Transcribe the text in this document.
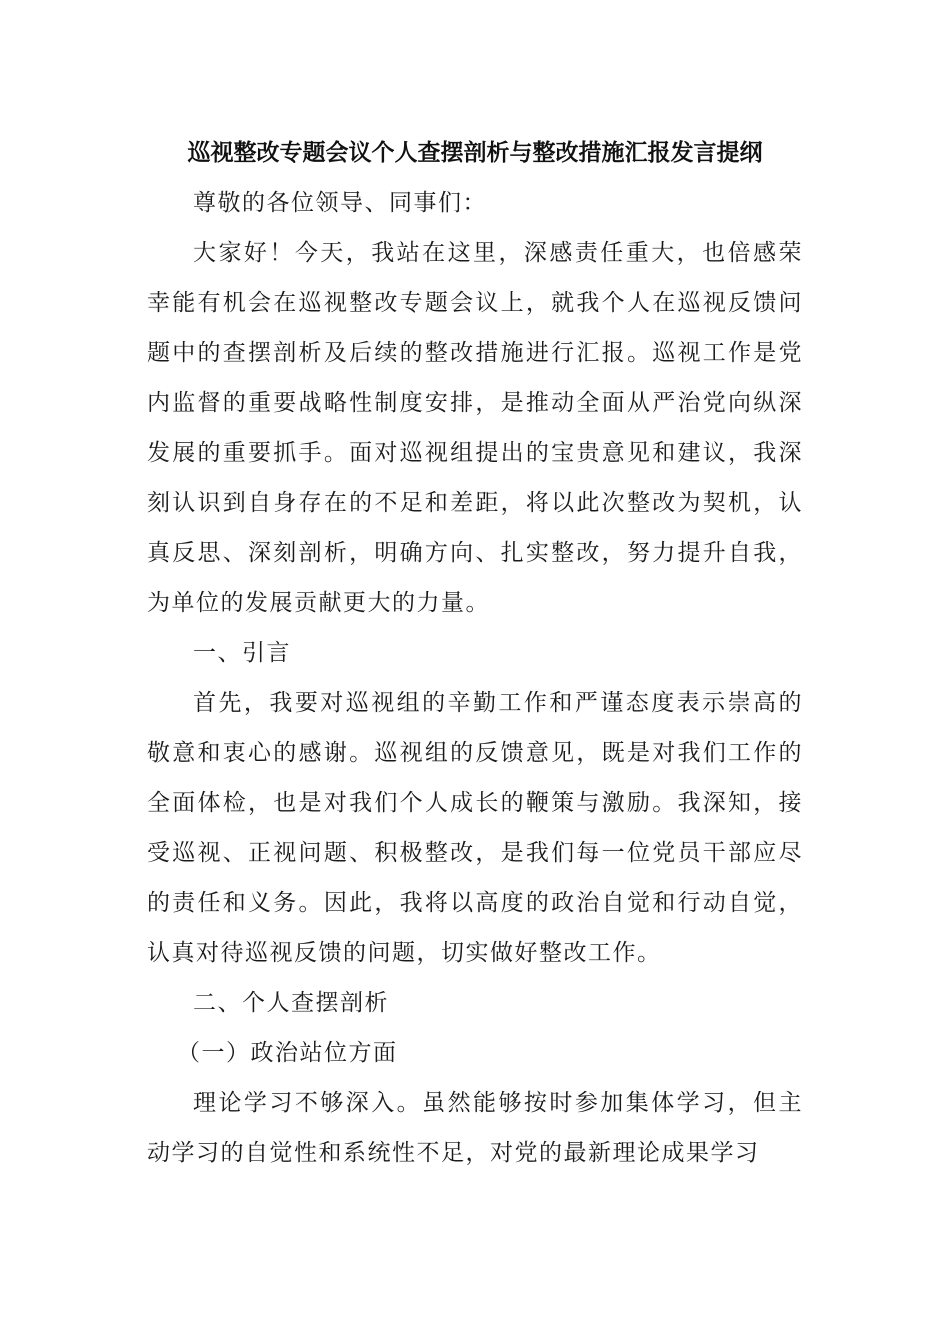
巡视整改专题会议个人查摆剖析与整改措施汇报发言提纲

尊敬的各位领导、同事们：

大家好！今天，我站在这里，深感责任重大，也倍感荣幸能有机会在巡视整改专题会议上，就我个人在巡视反馈问题中的查摆剖析及后续的整改措施进行汇报。巡视工作是党内监督的重要战略性制度安排，是推动全面从严治党向纵深发展的重要抓手。面对巡视组提出的宝贵意见和建议，我深刻认识到自身存在的不足和差距，将以此次整改为契机，认真反思、深刻剖析，明确方向、扎实整改，努力提升自我，为单位的发展贡献更大的力量。

一、引言

首先，我要对巡视组的辛勤工作和严谨态度表示崇高的敬意和衷心的感谢。巡视组的反馈意见，既是对我们工作的全面体检，也是对我们个人成长的鞭策与激励。我深知，接受巡视、正视问题、积极整改，是我们每一位党员干部应尽的责任和义务。因此，我将以高度的政治自觉和行动自觉，认真对待巡视反馈的问题，切实做好整改工作。

二、个人查摆剖析

（一）政治站位方面

理论学习不够深入。虽然能够按时参加集体学习，但主动学习的自觉性和系统性不足，对党的最新理论成果学习
